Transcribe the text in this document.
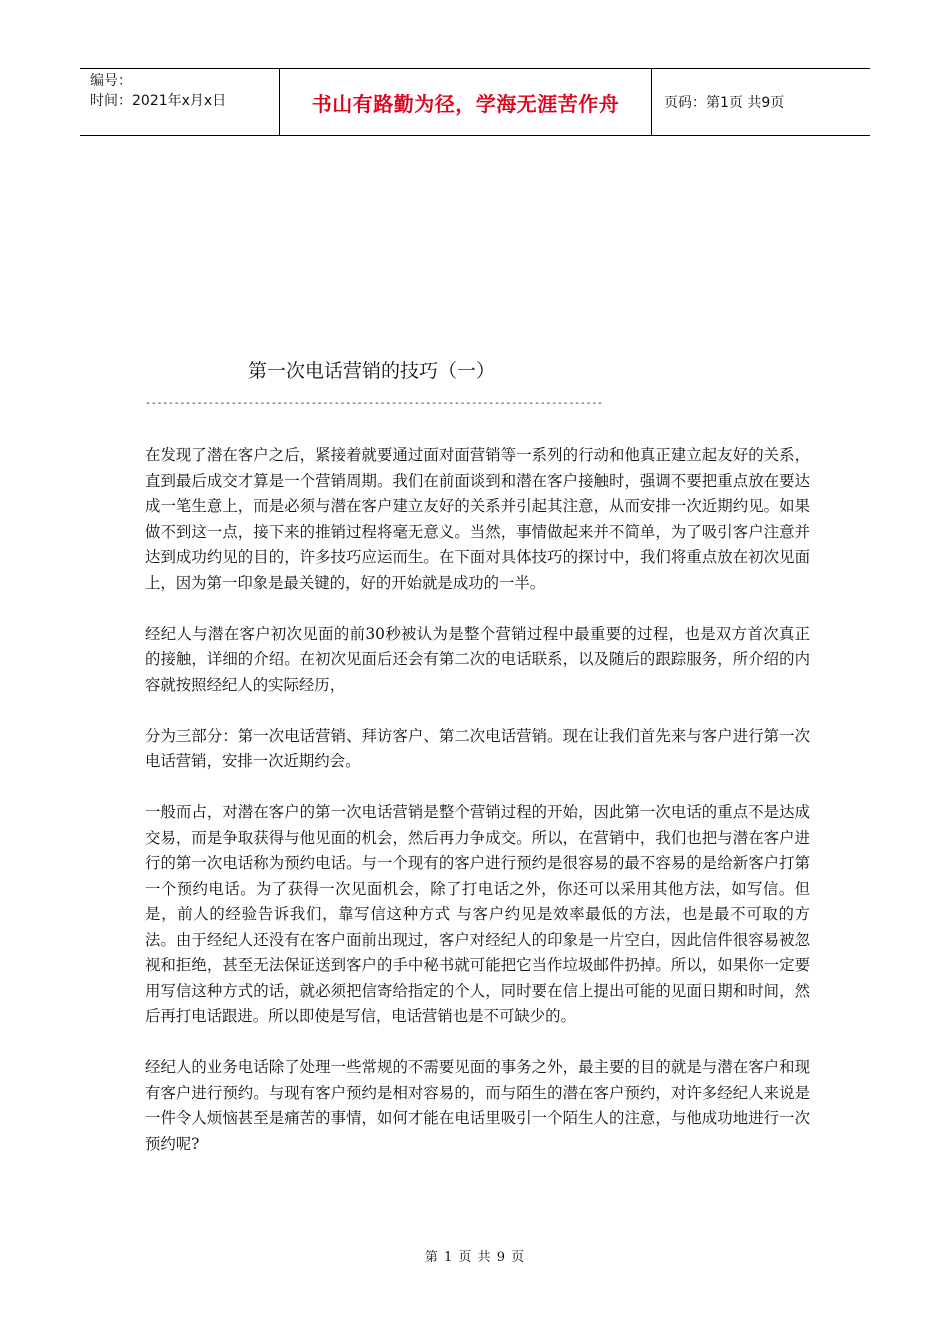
编号：
时间：2021年x月x日	书山有路勤为径，学海无涯苦作舟	页码：第1页 共9页
第一次电话营销的技巧（一）
--------------------------------------------------------------------------------

在发现了潜在客户之后，紧接着就要通过面对面营销等一系列的行动和他真正建立起友好的关系，直到最后成交才算是一个营销周期。我们在前面谈到和潜在客户接触时，强调不要把重点放在要达成一笔生意上，而是必须与潜在客户建立友好的关系并引起其注意，从而安排一次近期约见。如果做不到这一点，接下来的推销过程将毫无意义。当然，事情做起来并不简单，为了吸引客户注意并达到成功约见的目的，许多技巧应运而生。在下面对具体技巧的探讨中，我们将重点放在初次见面上，因为第一印象是最关键的，好的开始就是成功的一半。

经纪人与潜在客户初次见面的前30秒被认为是整个营销过程中最重要的过程，也是双方首次真正的接触，详细的介绍。在初次见面后还会有第二次的电话联系，以及随后的跟踪服务，所介绍的内容就按照经纪人的实际经历，

分为三部分：第一次电话营销、拜访客户、第二次电话营销。现在让我们首先来与客户进行第一次电话营销，安排一次近期约会。

一般而占，对潜在客户的第一次电话营销是整个营销过程的开始，因此第一次电话的重点不是达成交易，而是争取获得与他见面的机会，然后再力争成交。所以，在营销中，我们也把与潜在客户进行的第一次电话称为预约电话。与一个现有的客户进行预约是很容易的最不容易的是给新客户打第一个预约电话。为了获得一次见面机会，除了打电话之外，你还可以采用其他方法，如写信。但是，前人的经验告诉我们，靠写信这种方式 与客户约见是效率最低的方法，也是最不可取的方法。由于经纪人还没有在客户面前出现过，客户对经纪人的印象是一片空白，因此信件很容易被忽视和拒绝，甚至无法保证送到客户的手中秘书就可能把它当作垃圾邮件扔掉。所以，如果你一定要用写信这种方式的话，就必须把信寄给指定的个人，同时要在信上提出可能的见面日期和时间，然后再打电话跟进。所以即使是写信，电话营销也是不可缺少的。

经纪人的业务电话除了处理一些常规的不需要见面的事务之外，最主要的目的就是与潜在客户和现有客户进行预约。与现有客户预约是相对容易的，而与陌生的潜在客户预约，对许多经纪人来说是一件令人烦恼甚至是痛苦的事情，如何才能在电话里吸引一个陌生人的注意，与他成功地进行一次预约呢?

第 1 页 共 9 页
